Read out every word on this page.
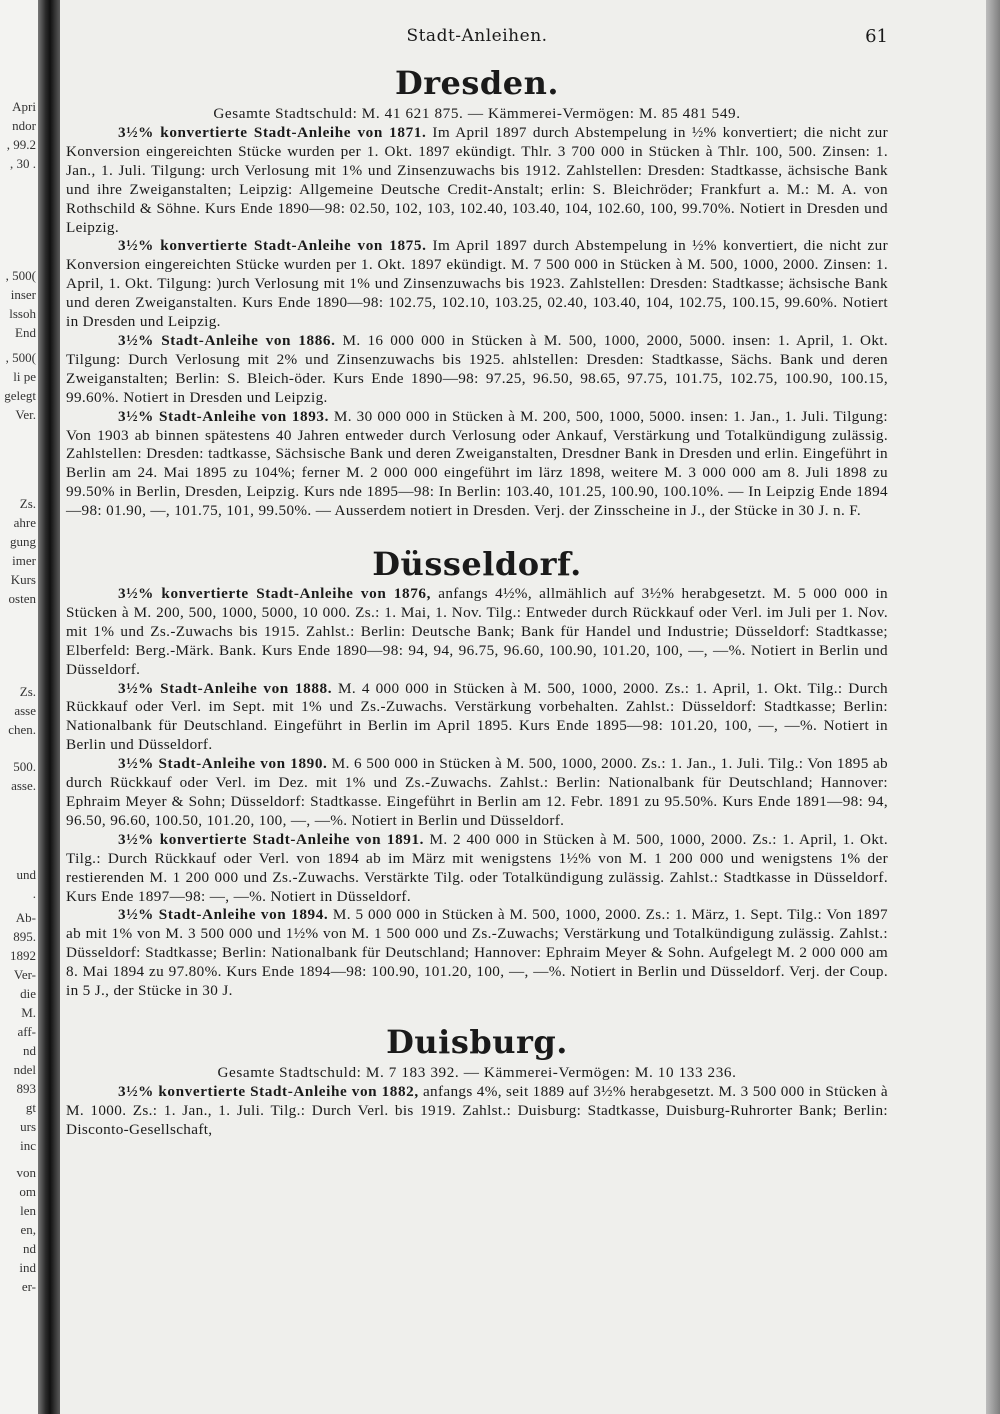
Apri
ndor
, 99.2
, 30 .
, 500(
inser
lssoh
End
, 500(
li pe
gelegt
Ver.
Zs.
ahre
gung
imer
Kurs
osten
Zs.
asse
chen.
500.
asse.
und
.
Ab-
895.
1892
Ver-
die
M.
aff-
nd
ndel
893
gt
urs
inc
von
om
len
en,
nd
ind
er-
Stadt-Anleihen.	61
Dresden.

Gesamte Stadtschuld: M. 41 621 875. — Kämmerei-Vermögen: M. 85 481 549.

3½% konvertierte Stadt-Anleihe von 1871. Im April 1897 durch Abstempelung in ½% konvertiert; die nicht zur Konversion eingereichten Stücke wurden per 1. Okt. 1897 ekündigt. Thlr. 3 700 000 in Stücken à Thlr. 100, 500. Zinsen: 1. Jan., 1. Juli. Tilgung: urch Verlosung mit 1% und Zinsenzuwachs bis 1912. Zahlstellen: Dresden: Stadtkasse, ächsische Bank und ihre Zweiganstalten; Leipzig: Allgemeine Deutsche Credit-Anstalt; erlin: S. Bleichröder; Frankfurt a. M.: M. A. von Rothschild & Söhne. Kurs Ende 1890—98: 02.50, 102, 103, 102.40, 103.40, 104, 102.60, 100, 99.70%. Notiert in Dresden und Leipzig.

3½% konvertierte Stadt-Anleihe von 1875. Im April 1897 durch Abstempelung in ½% konvertiert, die nicht zur Konversion eingereichten Stücke wurden per 1. Okt. 1897 ekündigt. M. 7 500 000 in Stücken à M. 500, 1000, 2000. Zinsen: 1. April, 1. Okt. Tilgung: )urch Verlosung mit 1% und Zinsenzuwachs bis 1923. Zahlstellen: Dresden: Stadtkasse; ächsische Bank und deren Zweiganstalten. Kurs Ende 1890—98: 102.75, 102.10, 103.25, 02.40, 103.40, 104, 102.75, 100.15, 99.60%. Notiert in Dresden und Leipzig.

3½% Stadt-Anleihe von 1886. M. 16 000 000 in Stücken à M. 500, 1000, 2000, 5000. insen: 1. April, 1. Okt. Tilgung: Durch Verlosung mit 2% und Zinsenzuwachs bis 1925. ahlstellen: Dresden: Stadtkasse, Sächs. Bank und deren Zweiganstalten; Berlin: S. Bleich-öder. Kurs Ende 1890—98: 97.25, 96.50, 98.65, 97.75, 101.75, 102.75, 100.90, 100.15, 99.60%. Notiert in Dresden und Leipzig.

3½% Stadt-Anleihe von 1893. M. 30 000 000 in Stücken à M. 200, 500, 1000, 5000. insen: 1. Jan., 1. Juli. Tilgung: Von 1903 ab binnen spätestens 40 Jahren entweder durch Verlosung oder Ankauf, Verstärkung und Totalkündigung zulässig. Zahlstellen: Dresden: tadtkasse, Sächsische Bank und deren Zweiganstalten, Dresdner Bank in Dresden und erlin. Eingeführt in Berlin am 24. Mai 1895 zu 104%; ferner M. 2 000 000 eingeführt im lärz 1898, weitere M. 3 000 000 am 8. Juli 1898 zu 99.50% in Berlin, Dresden, Leipzig. Kurs nde 1895—98: In Berlin: 103.40, 101.25, 100.90, 100.10%. — In Leipzig Ende 1894—98: 01.90, —, 101.75, 101, 99.50%. — Ausserdem notiert in Dresden. Verj. der Zinsscheine in J., der Stücke in 30 J. n. F.

Düsseldorf.

3½% konvertierte Stadt-Anleihe von 1876, anfangs 4½%, allmählich auf 3½% herabgesetzt. M. 5 000 000 in Stücken à M. 200, 500, 1000, 5000, 10 000. Zs.: 1. Mai, 1. Nov. Tilg.: Entweder durch Rückkauf oder Verl. im Juli per 1. Nov. mit 1% und Zs.-Zuwachs bis 1915. Zahlst.: Berlin: Deutsche Bank; Bank für Handel und Industrie; Düsseldorf: Stadtkasse; Elberfeld: Berg.-Märk. Bank. Kurs Ende 1890—98: 94, 94, 96.75, 96.60, 100.90, 101.20, 100, —, —%. Notiert in Berlin und Düsseldorf.

3½% Stadt-Anleihe von 1888. M. 4 000 000 in Stücken à M. 500, 1000, 2000. Zs.: 1. April, 1. Okt. Tilg.: Durch Rückkauf oder Verl. im Sept. mit 1% und Zs.-Zuwachs. Verstärkung vorbehalten. Zahlst.: Düsseldorf: Stadtkasse; Berlin: Nationalbank für Deutschland. Eingeführt in Berlin im April 1895. Kurs Ende 1895—98: 101.20, 100, —, —%. Notiert in Berlin und Düsseldorf.

3½% Stadt-Anleihe von 1890. M. 6 500 000 in Stücken à M. 500, 1000, 2000. Zs.: 1. Jan., 1. Juli. Tilg.: Von 1895 ab durch Rückkauf oder Verl. im Dez. mit 1% und Zs.-Zuwachs. Zahlst.: Berlin: Nationalbank für Deutschland; Hannover: Ephraim Meyer & Sohn; Düsseldorf: Stadtkasse. Eingeführt in Berlin am 12. Febr. 1891 zu 95.50%. Kurs Ende 1891—98: 94, 96.50, 96.60, 100.50, 101.20, 100, —, —%. Notiert in Berlin und Düsseldorf.

3½% konvertierte Stadt-Anleihe von 1891. M. 2 400 000 in Stücken à M. 500, 1000, 2000. Zs.: 1. April, 1. Okt. Tilg.: Durch Rückkauf oder Verl. von 1894 ab im März mit wenigstens 1½% von M. 1 200 000 und wenigstens 1% der restierenden M. 1 200 000 und Zs.-Zuwachs. Verstärkte Tilg. oder Totalkündigung zulässig. Zahlst.: Stadtkasse in Düsseldorf. Kurs Ende 1897—98: —, —%. Notiert in Düsseldorf.

3½% Stadt-Anleihe von 1894. M. 5 000 000 in Stücken à M. 500, 1000, 2000. Zs.: 1. März, 1. Sept. Tilg.: Von 1897 ab mit 1% von M. 3 500 000 und 1½% von M. 1 500 000 und Zs.-Zuwachs; Verstärkung und Totalkündigung zulässig. Zahlst.: Düsseldorf: Stadtkasse; Berlin: Nationalbank für Deutschland; Hannover: Ephraim Meyer & Sohn. Aufgelegt M. 2 000 000 am 8. Mai 1894 zu 97.80%. Kurs Ende 1894—98: 100.90, 101.20, 100, —, —%. Notiert in Berlin und Düsseldorf. Verj. der Coup. in 5 J., der Stücke in 30 J.

Duisburg.

Gesamte Stadtschuld: M. 7 183 392. — Kämmerei-Vermögen: M. 10 133 236.

3½% konvertierte Stadt-Anleihe von 1882, anfangs 4%, seit 1889 auf 3½% herabgesetzt. M. 3 500 000 in Stücken à M. 1000. Zs.: 1. Jan., 1. Juli. Tilg.: Durch Verl. bis 1919. Zahlst.: Duisburg: Stadtkasse, Duisburg-Ruhrorter Bank; Berlin: Disconto-Gesellschaft,
